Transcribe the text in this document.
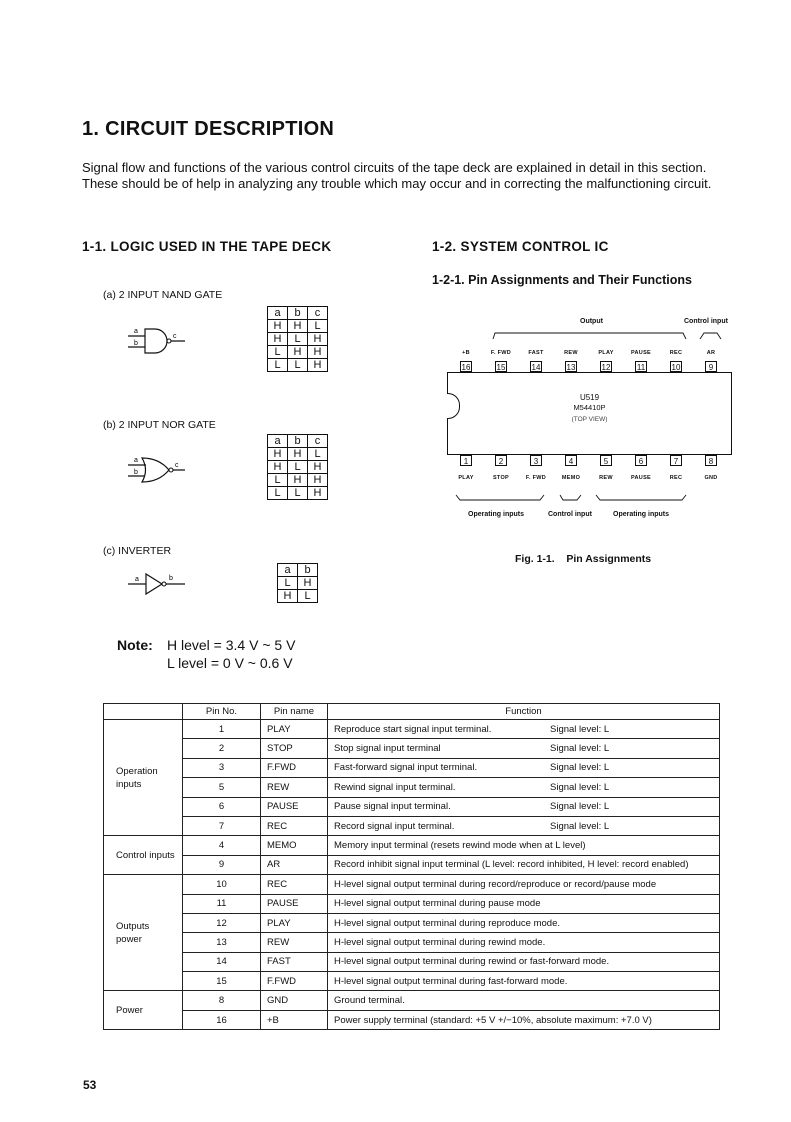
1. CIRCUIT DESCRIPTION
Signal flow and functions of the various control circuits of the tape deck are explained in detail in this section. These should be of help in analyzing any trouble which may occur and in correcting the malfunctioning circuit.
1-1. LOGIC USED IN THE TAPE DECK	1-2. SYSTEM CONTROL IC
1-2-1. Pin Assignments and Their Functions
(a) 2 INPUT NAND GATE
a
b
c
a	b	c
H	H	L
H	L	H
L	H	H
L	L	H
(b) 2 INPUT NOR GATE
a
b
c
a	b	c
H	H	L
H	L	H
L	H	H
L	L	H
(c) INVERTER
a	b
a	b
L	H
H	L
Note: H level = 3.4 V ~ 5 V
L level = 0 V ~ 0.6 V
Output	Control input
Operating inputs	Control input	Operating inputs
U519
M54410P
(TOP VIEW)
16
+B
15
F. FWD
14
FAST
13
REW
12
PLAY
11
PAUSE
10
REC
9
AR
1
PLAY
2
STOP
3
F. FWD
4
MEMO
5
REW
6
PAUSE
7
REC
8
GND
Fig. 1-1.    Pin Assignments
	Pin No.	Pin name	Function
Operation inputs	1	PLAY	Reproduce start signal input terminal. Signal level: L

	2	STOP	Stop signal input terminal Signal level: L

	3	F.FWD	Fast-forward signal input terminal. Signal level: L

	5	REW	Rewind signal input terminal. Signal level: L

	6	PAUSE	Pause signal input terminal. Signal level: L

	7	REC	Record signal input terminal. Signal level: L

Control inputs	4	MEMO	Memory input terminal (resets rewind mode when at L level)
	9	AR	Record inhibit signal input terminal (L level: record inhibited, H level: record enabled)
Outputs power	10	REC	H-level signal output terminal during record/reproduce or record/pause mode
	11	PAUSE	H-level signal output terminal during pause mode
	12	PLAY	H-level signal output terminal during reproduce mode.
	13	REW	H-level signal output terminal during rewind mode.
	14	FAST	H-level signal output terminal during rewind or fast-forward mode.
	15	F.FWD	H-level signal output terminal during fast-forward mode.
Power	8	GND	Ground terminal.
	16	+B	Power supply terminal (standard: +5 V +/−10%, absolute maximum: +7.0 V)
53
